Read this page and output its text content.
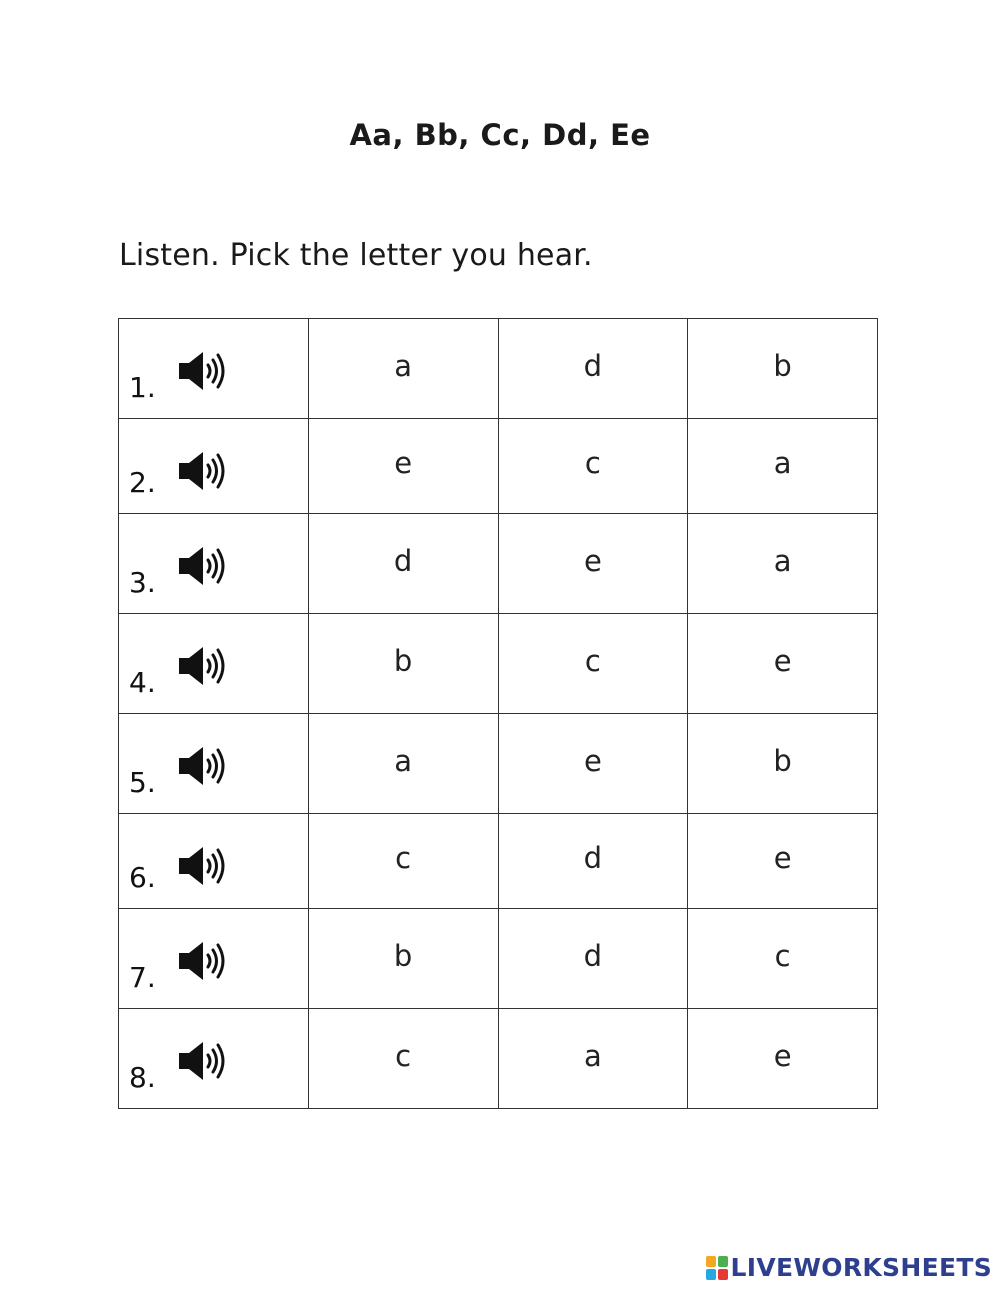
Aa, Bb, Cc, Dd, Ee

Listen. Pick the letter you hear.

1.	a	d	b

2.	e	c	a

3.	d	e	a

4.	b	c	e

5.	a	e	b

6.	c	d	e

7.	b	d	c

8.	c	a	e
LIVEWORKSHEETS
